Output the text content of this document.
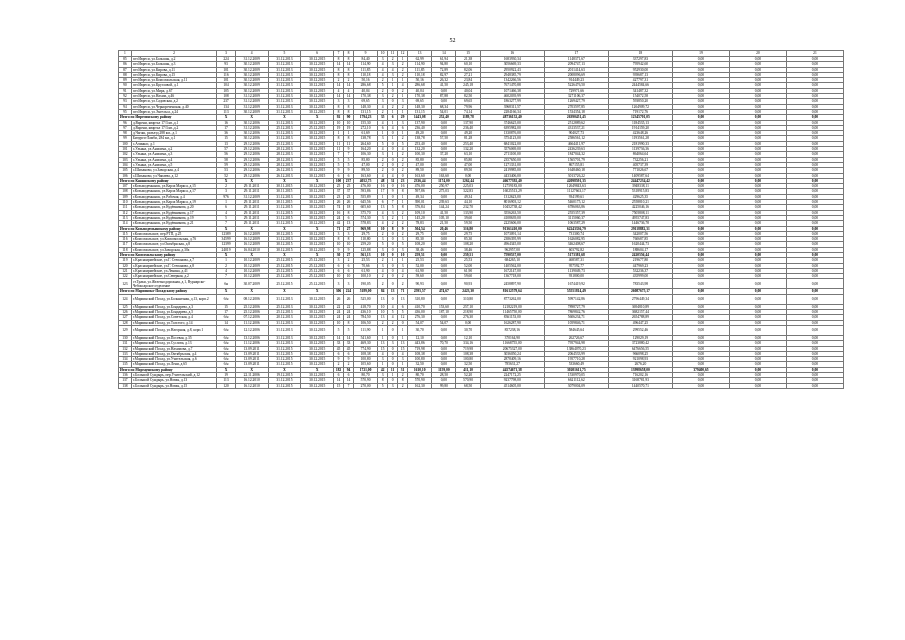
52
1	2	3	4	5	6	7	8	9	10	11	12	13	14	15	16	17	18	19	20	21
85	пгт.Ивреси, ул.Большая, д.2	224	31.12.2009	31.12.2013	30.12.2015	8	8	84,40	3	2	1	62,99	61,94	21,38	1683930,34	1148371,67	337297,83	0,00	0,00	0,00
86	пгт.Ивреси, ул.Большая, д.3	93	30.12.2009	31.12.2013	30.12.2015	14	14	114,90	4	3	2	114,90	94,80	60,10	3056669,33	2094747,13	795942,60	0,00	0,00	0,00
87	пгт.Ивреси, ул.Кирова, д.11	101	30.12.2009	31.12.2013	30.12.2015	8	8	111,85	4	4	2	111,85	72,89	82,06	2950922,43	2011414,63	952930,00	0,00	0,00	0,00
88	пгт.Ивреси, ул.Кирова, д.15	116	30.12.2009	31.12.2013	30.12.2015	8	8	110,18	4	3	2	110,18	82,97	27,21	2948385,79	2008096,69	939687,13	0,00	0,00	0,00
89	пгт.Ивреси, ул.Комсомольская, д.11	101	30.12.2009	31.12.2013	30.12.2015	2	2	50,16	2	1	1	50,16	26,32	23,84	1342266,56	914449,23	427797,31	0,00	0,00	0,00
90	пгт.Ивреси, ул.Кругловой, д.1	104	30.12.2009	31.12.2013	30.12.2015	14	14	286,68	5	1	4	286,68	41,50	245,18	7671470,88	5226476,50	2444584,66	0,00	0,00	0,00
91	пгт.Ивреси, ул.Мира, д.67	105	30.12.2009	31.12.2013	30.12.2015	4	4	40,04	2	0	2	40,04	0,00	40,04	1071466,38	729971,66	341487,32	0,00	0,00	0,00
92	пгт.Ивреси, ул.Нахим, д.46	108	31.12.2009	31.12.2013	30.12.2015	14	14	170,38	3	2	1	170,38	87,88	82,50	4602039,99	3271106,37	154072,58	0,00	0,00	0,00
93	пгт.Ивреси, ул.Садовская, д.2	237	31.12.2009	31.12.2013	30.12.2015	3	3	69,65	3	0	3	69,65	0,00	69,65	1863277,99	1269427,79	593850,20	0,00	0,00	0,00
94	пгт.Ивреси, ул.Чернореченская, д.40	134	31.12.2009	31.12.2013	30.12.2015	8	8	148,30	4	2	2	148,30	68,34	79,96	3968311,57	2703597,85	1264909,72	0,00	0,00	0,00
95	пгт.Ивреси, ул.Энгельса, д.24	113	30.12.2009	31.12.2013	30.12.2015	8	8	131,15	2	1	1	131,15	54,01	74,14	2284166,34	1534354,18	719172,76	0,00	0,00	0,00
Итого по Ивресинскому району		X	X	X	X	92	90	1794,23	35	6	29	1443,08	252,40	1189,78	48736152,40	26390451,45	12345701,05	0,00	0,00	0,00
96	д.Варени, квартал 17/3 кв.,д.1	16	30.12.2006	31.12.2013	30.12.2015	10	10	155,30	4	1	3	137,90	0,00	137,90	3746625,00	2512889,62	1184535,13	0,00	0,00	0,00
97	д.Варени, квартал 17/3 кв.,д.2	17	31.12.2006	25.12.2013	25.12.2015	19	19	272,10	6	4	6	236,40	0,00	236,40	6395982,00	4313537,21	1914159,20	0,00	0,00	0,00
98	д.Чагаш, разъезд 288 км., д.1	36	30.12.2006	31.12.2013	30.12.2015	1	1	61,69	1	0	1	49,20	0,00	49,20	1330876,00	904027,73	423648,26	0,00	0,00	0,00
99	Бичурги-Ламби, 284 км, д.1	15	30.12.2006	31.12.2013	30.12.2015	8	8	138,78	3	1	2	138,78	57,50	81,28	3754123,00	2586561,12	1193561,28	0,00	0,00	0,00
100	с.Ачинкас, д.1	13	29.12.2006	25.12.2013	30.12.2015	11	11	264,60	5	0	5	253,40	0,00	253,40	6841022,00	4664411,97	2181990,33	0,00	0,00	0,00
101	с.Ульяна, ул.Анисима, д.2	57	29.12.2006	28.12.2013	30.12.2015	11	9	164,20	4	0	4	132,20	0,00	132,20	3576069,00	2436239,63	1139736,36	0,00	0,00	0,00
102	с.Ульяна, ул.Анисима, д.3	56	29.12.2006	28.12.2013	30.12.2015	7	7	106,30	3	1	2	100,30	37,20	63,10	2711100,00	1847044,32	864064,64	0,00	0,00	0,00
103	с.Ульяна, ул.Анисима, д.4	58	29.12.2006	28.12.2013	30.12.2015	5	5	85,80	2	0	2	85,80	0,00	85,80	2357650,00	1565701,79	732256,21	0,00	0,00	0,00
104	с.Ульяна, ул.Анисима, д.5	59	29.12.2006	28.12.2013	30.12.2015	5	5	47,00	2	0	2	47,00	0,00	47,00	1271331,00	867155,81	405737,39	0,00	0,00	0,00
105	с.Шиханово, ул.Заводская, д.4	53	29.12.2006	26.12.2013	30.12.2015	9	9	89,50	2	0	2	89,50	0,00	89,50	2419985,00	1648460,18	771026,67	0,00	0,00	0,00
106	с.Шиханово, ул.Чапаева, д.12	52	29.12.2006	26.12.2013	30.12.2015	6	6	163,60	4	4	0	163,60	163,60	0,00	4433406,00	3013726,22	1409587,64	0,00	0,00	0,00
Итого по Канашскому району		X	X	X	X	100	237	4052,75	48	31	23	2336,44	1174,00	1262,44	46677392,40	42098591,35	24447234,42	0,00	0,00	0,00
107	г.Козьмодемьянск, ул.Карла Маркса, д.15	2	29.11.2011	30.11.2015	30.12.2015	25	25	476,00	16	0	16	476,00	250,97	225,03	12759183,00	12649843,63	3948338,11	0,00	0,00	0,00
108	г.Козьмодемьянск, ул.Карла Маркса, д.17	3	29.11.2011	30.11.2015	30.12.2015	37	37	593,86	17	9	8	597,86	275,03	322,83	16025513,29	11127663,17	5318915,83	0,00	0,00	0,00
109	г.Козьмодемьянск, ул.Рабочая, д.4	976	31.12.2009	31.12.2013	30.12.2015	23	23	555,89	1	0	1	49,34	0,00	49,34	1312623,00	934199,61	429625,35	0,00	0,00	0,00
110	г.Козьмодемьянск, ул.Карла Маркса, д.19	1	29.11.2011	30.11.2015	30.12.2015	26	26	645,56	6	7	1	390,01	239,63	44,10	8016903,12	5460175,12	2558810,21	0,00	0,00	0,00
111	г.Козьмодемьянск, ул.Кудёвникова, д.20	6	29.11.2011	31.12.2015	30.12.2015	74	18	605,60	13	5	8	376,84	144,24	232,70	10452738,42	6786063,86	4225046,16	0,00	0,00	0,00
112	г.Козьмодемьянск, ул.Кудёвникова, д.17	4	29.11.2011	31.12.2015	30.12.2015	16	8	375,70	4	3	2	109,10	41,50	133,90	3556263,50	2555357,39	7505808,11	0,00	0,00	0,00
113	г.Козьмодемьянск, ул.Кудёвникова, д.19	5	29.11.2011	31.12.2015	30.12.2015	24	6	574,30	3	2	1	145,20	105,10	39,60	4108639,00	3115060,37	4955747,83	0,00	0,00	0,00
114	г.Козьмодемьянск, ул.Кудёвникова, д.21	7	29.11.2011	31.12.2015	30.12.2015	42	13	578,83	4	2	2	78,83	21,50	59,50	2225606,00	1063587,29	1446736,78	0,00	0,00	0,00
Итого по Козьмодемьянскому району		X	X	X	X	71	27	969,98	10	8	9	504,54	20,46	316,80	91361410,00	62243336,79	29118882,31	0,00	0,00	0,00
115	г.Комсомольское, пер.РТП, д.25	12389	16.12.2009	30.12.2015	30.12.2015	3	3	29,75	2	0	2	29,75	0,00	29,75	1073091,14	731300,74	342007,56	0,00	0,00	0,00
116	г.Комсомольское, ул.Комсомольская, д.76	34599	16.12.2009	31.12.2013	30.12.2015	8	8	110,80	3	0	3	85,30	0,00	85,30	2386395,99	1626082,95	760687,85	0,00	0,00	0,00
117	г.Комсомольское, ул.Октябрьская, д.8	12399	16.12.2009	30.12.2015	30.12.2015	10	10	259,20	5	0	5	108,20	0,00	108,20	4964345,00	3462408,67	1620444,73	0,00	0,00	0,00
118	г.Комсомольское, ул.Заводская, д.30а	24019	16.04.2010	30.12.2015	30.12.2015	9	9	125,88	3	0	3	38,46	0,00	38,46	962957,00	603792,82	188604,17	0,00	0,00	0,00
Итого по Комсомольскому району		X	X	X	X	30	27	561,13	10	0	10	259,51	0,00	259,51	7590537,00	5173381,68	2420556,44	0,00	0,00	0,00
119	с.Красноармейское, ул.Г. Степанова, д.7	1	10.12.2009	25.12.2015	25.12.2015	3	2	25,53	2	1	1	25,53	0,00	25,53	684265,10	468587,31	219677,80	0,00	0,00	0,00
120	с.Красноармейское, ул.Г. Степанова, д.8	2	10.12.2009	25.12.2015	25.12.2015	6	6	70,66	3	0	3	52,00	0,00	52,00	1405562,00	957592,77	447969,23	0,00	0,00	0,00
121	с.Красноармейское, ул.Ленина, д.41	4	10.12.2009	25.12.2015	25.12.2015	6	6	61,90	4	0	4	61,90	0,00	61,90	1672147,00	1139049,73	532236,37	0,00	0,00	0,00
122	с.Красноармейское, ул.Северная, д.2	7	10.12.2009	25.12.2015	25.12.2015	10	10	100,10	2	0	2	59,60	0,00	59,60	1367718,00	931800,00	435999,00	0,00	0,00	0,00
123	ст.Траки, ул.Железнодорожная, д.1, Вурнарско-Чебоксарское отделение	бн	30.07.2009	25.12.2015	25.12.2015	3	3	190,05	2	0	2	90,93	0,00	90,93	2458897,90	1674419,92	783543,98	0,00	0,00	0,00
Итого по Мариинско-Посадскому району		X	X	X	X	306	224	5189,00	84	13	71	2595,57	474,67	2423,30	81612579,64	55551814,49	26087675,17	0,00	0,00	0,00
124	г.Мариинский Посад, ул.Больничная, д.13, корп.2	б/н	08.12.2006	31.12.2013	30.12.2015	26	26	525,00	13	0	13	310,80	0,00	310,80	8773262,00	5997142,86	2796449,34	0,00	0,00	0,00
125	г.Мариинский Посад, ул.Бондарева, д.3	15	25.12.2006	25.12.2013	30.12.2015	22	22	418,70	10	4	6	410,70	153,60	257,10	12182219,00	7898727,79	3694810,89	0,00	0,00	0,00
126	г.Мариинский Посад, ул.Бондарева, д.5	17	25.12.2006	25.12.2013	30.12.2015	24	24	436,10	10	5	5	436,00	187,10	218,90	11465750,00	7869842,76	3682157,44	0,00	0,00	0,00
127	г.Мариинский Посад, ул.Советская, д.4	б/н	07.12.2006	20.12.2013	30.12.2015	24	24	784,50	13	4	12	276,30	0,00	276,30	8361153,00	5606234,71	2654788,89	0,00	0,00	0,00
128	г.Мариинский Посад, ул.Толстого, д.14	14	11.12.2006	31.12.2013	30.12.2015	10	8	106,50	2	2	0	54,07	54,07	0,00	1626287,90	1059846,71	496447,25	0,00	0,00	0,00
129	г.Мариинский Посад, ул.Нагорная, д.8, корп.1	б/н	12.12.2006	31.12.2013	30.12.2015	5	5	111,90	1	0	1	30,70	0,00	30,70	857238,16	584645,64	299552,46	0,00	0,00	0,00
130	г.Мариинский Посад, ул.Посевая, д.35	б/н	13.12.2006	31.12.2013	30.12.2015	14	14	541,60	1	0	1	12,10	0,00	12,10	370164,90	262726,67	129029,19	0,00	0,00	0,00
131	г.Мариинский Посад, ул.Суслова, д.13	б/н	11.12.2006	31.12.2013	30.12.2015	33	33	469,30	13	3	13	443,86	70,70	334,16	11668755,00	7957944,98	3723880,42	0,00	0,00	0,00
132	г.Мариинский Посад, ул.Нахимова, д.7	б/н	13.09.2011	31.12.2015	30.12.2015	45	45	774,90	15	0	15	719,98	0,00	719,98	20675327,00	13864070,23	6476656,55	0,00	0,00	0,00
133	г.Мариинский Посад, ул.Октябрьская, д.4	б/н	13.09.2011	31.12.2015	30.12.2015	6	6	108,38	4	0	4	108,38	0,00	108,38	3036050,24	2064533,99	966098,25	0,00	0,00	0,00
134	г.Мариинский Посад, ул.Учительская, д.6	б/н	13.09.2011	31.12.2015	30.12.2015	9	9	100,80	3	0	3	100,80	0,00	100,80	2878409,16	1957710,28	921098,93	0,00	0,00	0,00
135	г.Мариинский Посад, ул.Лени, д.65	б/н	13.09.2011	31.12.2015	30.12.2015	2	2	105,60	1	0	1	32,50	0,00	32,50	785631,27	533660,49	2676,20	0,00	0,00	0,00
Итого по Моргаушскому району		X	X	X	X	182	94	1721,00	42	11	31	1610,10	1159,00	411,10	44574671,38	30201611,75	13998658,00	379400,65	0,00	0,00
136	с.Большой Сундырь, пер.Учительский, д.12	19	22.11.2006	19.12.2015	30.12.2015	6	6	80,70	3	1	2	80,70	28,50	52,20	2247172,25	1530970,05	716202,16	0,00	0,00	0,00
137	с.Большой Сундырь, ул.Новая, д.13	113	16.12.2010	31.12.2015	30.12.2015	14	14	570,90	8	0	8	570,90	0,00	570,90	9237798,00	6621112,62	3168781,93	0,00	0,00	0,00
138	с.Большой Сундырь, ул.Новая, д.15	120	16.12.2010	31.12.2015	30.12.2015	15	7	270,00	5	3	2	162,30	99,80	68,50	4514605,00	3079004,09	1440570,71	0,00	0,00	0,00
